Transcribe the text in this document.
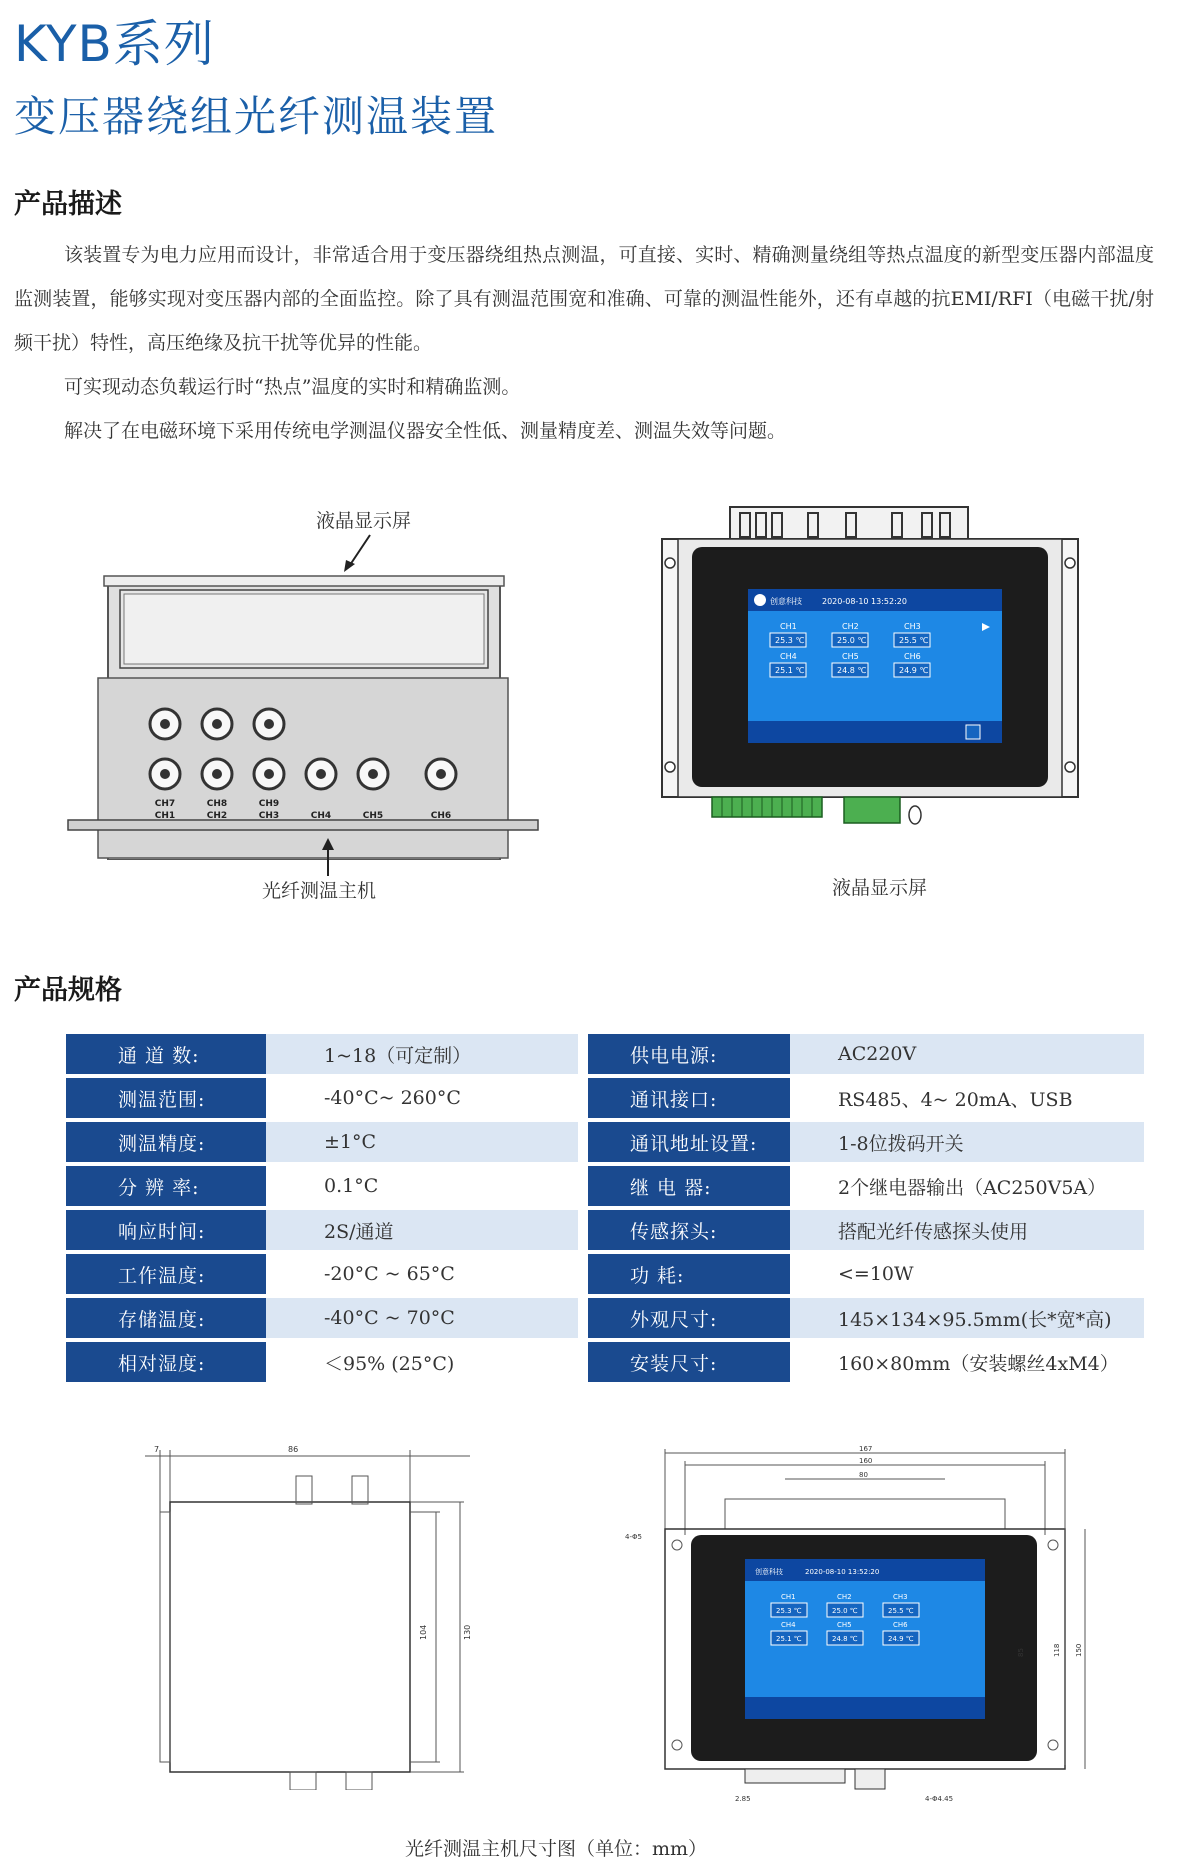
KYB系列
变压器绕组光纤测温装置
产品描述

该装置专为电力应用而设计，非常适合用于变压器绕组热点测温，可直接、实时、精确测量绕组等热点温度的新型变压器内部温度监测装置，能够实现对变压器内部的全面监控。除了具有测温范围宽和准确、可靠的测温性能外，还有卓越的抗EMI/RFI（电磁干扰/射频干扰）特性，高压绝缘及抗干扰等优异的性能。

可实现动态负载运行时“热点”温度的实时和精确监测。

解决了在电磁环境下采用传统电学测温仪器安全性低、测量精度差、测温失效等问题。

液晶显示屏
CH7	CH8	CH9
CH1	CH2	CH3	CH4	CH5	CH6
光纤测温主机
创意科技	2020-08-10 13:52:20
CH1
25.3 ℃
CH2
25.0 ℃
CH3
25.5 ℃
CH4
25.1 ℃
CH5
24.8 ℃
CH6
24.9 ℃
液晶显示屏
产品规格
通 道 数:	1~18（可定制）		供电电源:	AC220V
测温范围:	-40°C~ 260°C		通讯接口:	RS485、4~ 20mA、USB
测温精度:	±1°C		通讯地址设置:	1-8位拨码开关
分 辨 率:	0.1°C		继 电 器:	2个继电器输出（AC250V5A）
响应时间:	2S/通道		传感探头:	搭配光纤传感探头使用
工作温度:	-20°C ~ 65°C		功 耗:	<=10W
存储温度:	-40°C ~ 70°C		外观尺寸:	145×134×95.5mm(长*宽*高)
相对湿度:	＜95% (25°C)		安装尺寸:	160×80mm（安装螺丝4xM4）
7	86
104	130
创意科技	2020-08-10 13:52:20
CH1
25.3 ℃
CH2
25.0 ℃
CH3
25.5 ℃
CH4
25.1 ℃
CH5
24.8 ℃
CH6
24.9 ℃
167
160
80
85	118 150
4-Φ5
2.85	4-Φ4.45
光纤测温主机尺寸图（单位：mm）
